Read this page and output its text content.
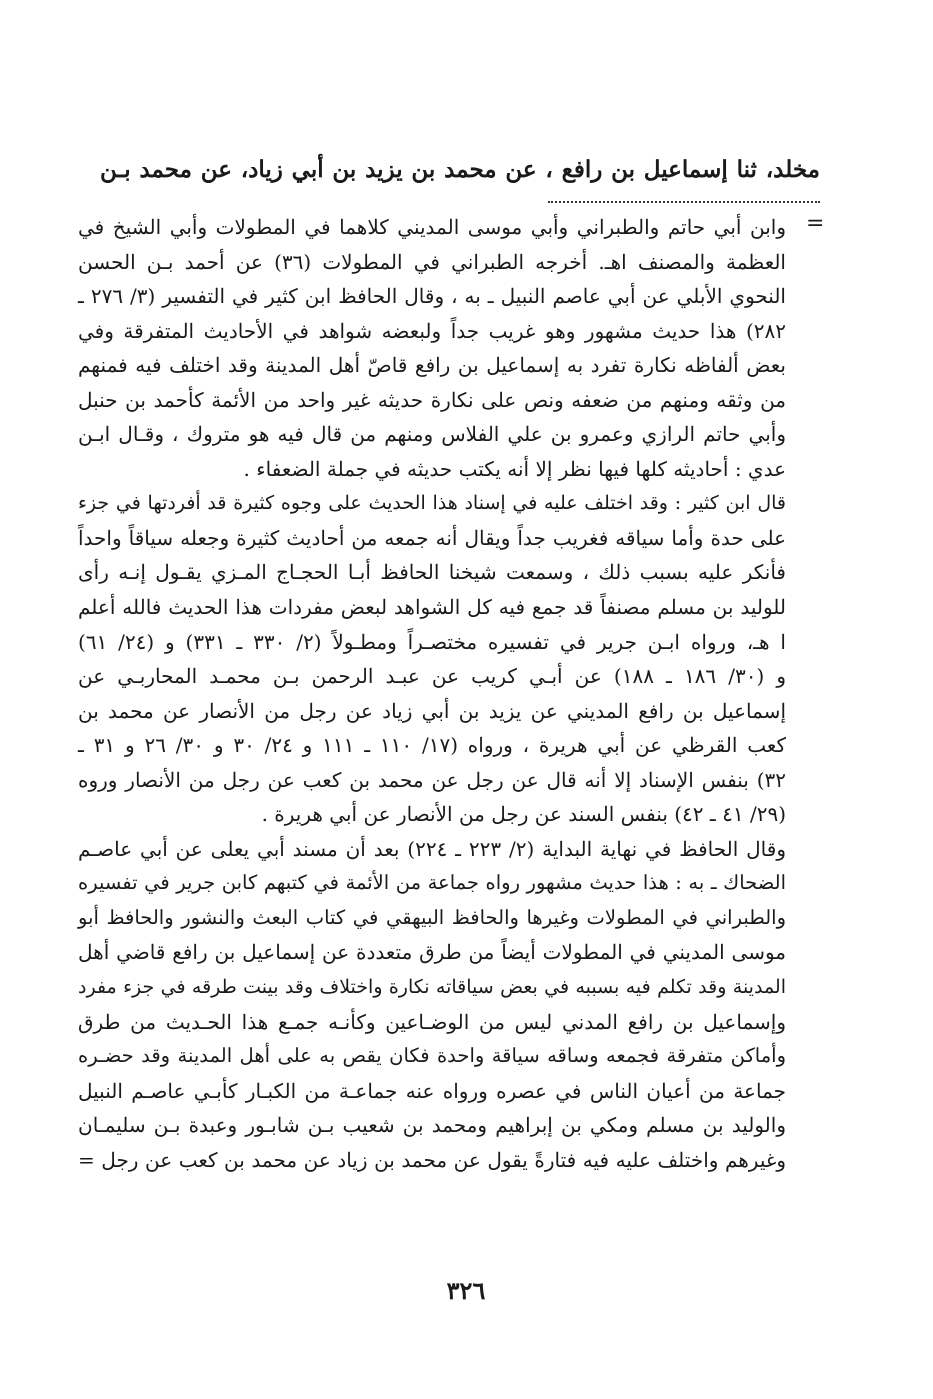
مخلد، ثنا إسماعيل بن رافع ، عن محمد بن يزيد بن أبي زياد، عن محمد بـن
=
وابن أبي حاتم والطبراني وأبي موسى المديني كلاهما في المطولات وأبي الشيخ في
العظمة والمصنف اهـ. أخرجه الطبراني في المطولات (٣٦) عن أحمد بـن الحسن
النحوي الأبلي عن أبي عاصم النبيل ـ به ، وقال الحافظ ابن كثير في التفسير (٣/ ٢٧٦ ـ
٢٨٢) هذا حديث مشهور وهو غريب جداً ولبعضه شواهد في الأحاديث المتفرقة وفي
بعض ألفاظه نكارة تفرد به إسماعيل بن رافع قاصّ أهل المدينة وقد اختلف فيه فمنهم
من وثقه ومنهم من ضعفه ونص على نكارة حديثه غير واحد من الأئمة كأحمد بن حنبل
وأبي حاتم الرازي وعمرو بن علي الفلاس ومنهم من قال فيه هو متروك ، وقـال ابـن
عدي : أحاديثه كلها فيها نظر إلا أنه يكتب حديثه في جملة الضعفاء .
قال ابن كثير : وقد اختلف عليه في إسناد هذا الحديث على وجوه كثيرة قد أفردتها في جزء
على حدة وأما سياقه فغريب جداً ويقال أنه جمعه من أحاديث كثيرة وجعله سياقاً واحداً
فأنكر عليه بسبب ذلك ، وسمعت شيخنا الحافظ أبـا الحجـاج المـزي يقـول إنـه رأى
للوليد بن مسلم مصنفاً قد جمع فيه كل الشواهد لبعض مفردات هذا الحديث فالله أعلم
ا هـ، ورواه ابـن جرير في تفسيره مختصـراً ومطـولاً (٢/ ٣٣٠ ـ ٣٣١) و (٢٤/ ٦١)
و (٣٠/ ١٨٦ ـ ١٨٨) عن أبـي كريب عن عبـد الرحمن بـن محمـد المحاربـي عن
إسماعيل بن رافع المديني عن يزيد بن أبي زياد عن رجل من الأنصار عن محمد بن
كعب القرظي عن أبي هريرة ، ورواه (١٧/ ١١٠ ـ ١١١ و ٢٤/ ٣٠ و ٣٠/ ٢٦ و ٣١ ـ
٣٢) بنفس الإسناد إلا أنه قال عن رجل عن محمد بن كعب عن رجل من الأنصار وروه
(٢٩/ ٤١ ـ ٤٢) بنفس السند عن رجل من الأنصار عن أبي هريرة .
وقال الحافظ في نهاية البداية (٢/ ٢٢٣ ـ ٢٢٤) بعد أن مسند أبي يعلى عن أبي عاصـم
الضحاك ـ به : هذا حديث مشهور رواه جماعة من الأئمة في كتبهم كابن جرير في تفسيره
والطبراني في المطولات وغيرها والحافظ البيهقي في كتاب البعث والنشور والحافظ أبو
موسى المديني في المطولات أيضاً من طرق متعددة عن إسماعيل بن رافع قاضي أهل
المدينة وقد تكلم فيه بسببه في بعض سياقاته نكارة واختلاف وقد بينت طرقه في جزء مفرد
وإسماعيل بن رافع المدني ليس من الوضـاعين وكأنـه جمـع هذا الحـديث من طرق
وأماكن متفرقة فجمعه وساقه سياقة واحدة فكان يقص به على أهل المدينة وقد حضـره
جماعة من أعيان الناس في عصره ورواه عنه جماعـة من الكبـار كأبـي عاصـم النبيل
والوليد بن مسلم ومكي بن إبراهيم ومحمد بن شعيب بـن شابـور وعبدة بـن سليمـان
وغيرهم واختلف عليه فيه فتارةً يقول عن محمد بن زياد عن محمد بن كعب عن رجل =
٣٢٦
